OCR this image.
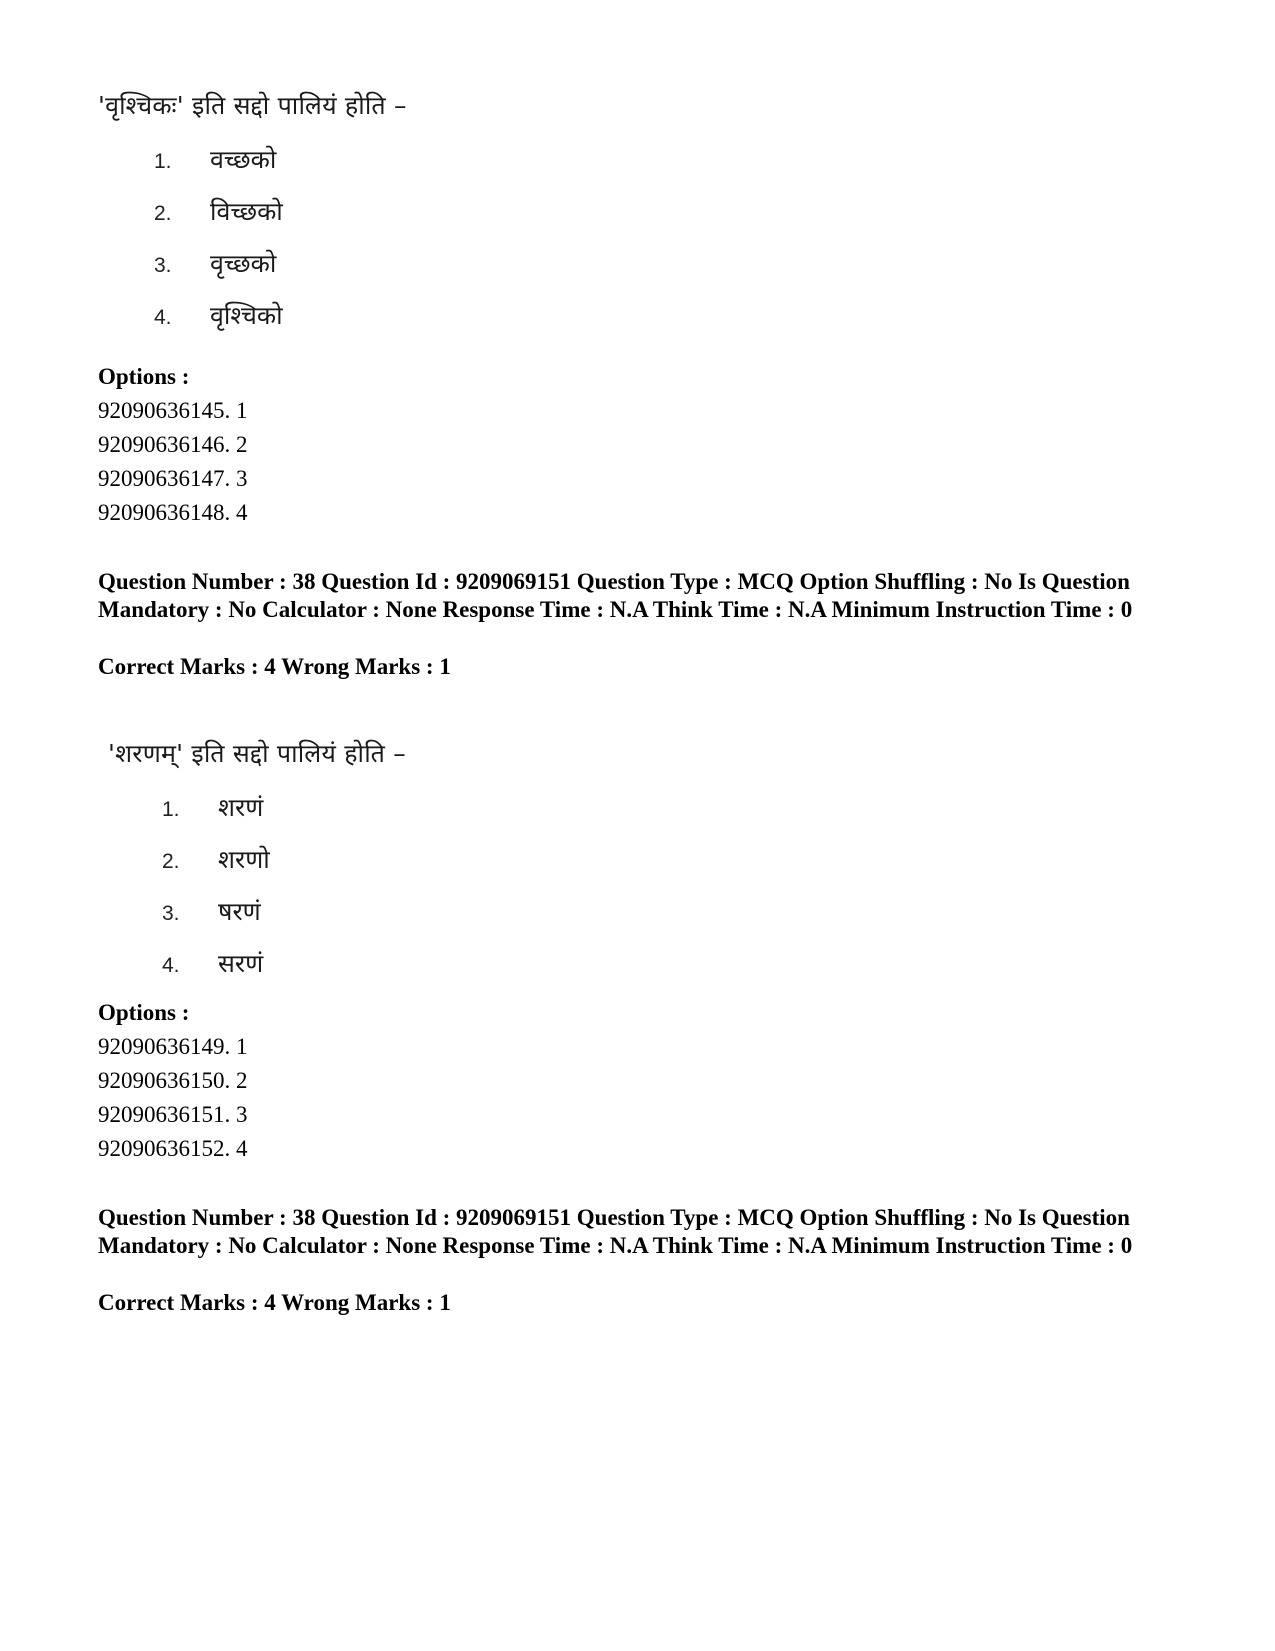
'वृश्चिकः' इति सद्दो पालियं होति –
1. वच्छको
2. विच्छको
3. वृच्छको
4. वृश्चिको
Options :
92090636145. 1
92090636146. 2
92090636147. 3
92090636148. 4
Question Number : 38 Question Id : 9209069151 Question Type : MCQ Option Shuffling : No Is Question Mandatory : No Calculator : None Response Time : N.A Think Time : N.A Minimum Instruction Time : 0
Correct Marks : 4 Wrong Marks : 1
'शरणम्' इति सद्दो पालियं होति –
1. शरणं
2. शरणो
3. षरणं
4. सरणं
Options :
92090636149. 1
92090636150. 2
92090636151. 3
92090636152. 4
Question Number : 38 Question Id : 9209069151 Question Type : MCQ Option Shuffling : No Is Question Mandatory : No Calculator : None Response Time : N.A Think Time : N.A Minimum Instruction Time : 0
Correct Marks : 4 Wrong Marks : 1
